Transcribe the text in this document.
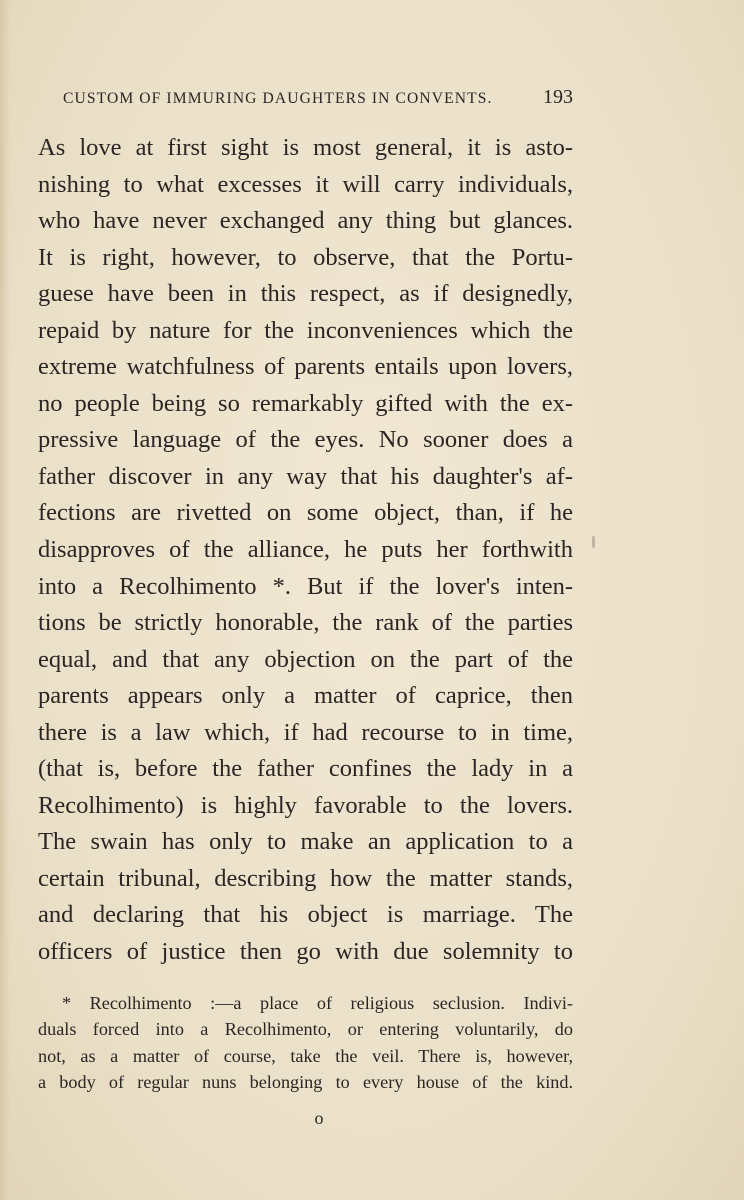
CUSTOM OF IMMURING DAUGHTERS IN CONVENTS.	193
As love at first sight is most general, it is asto-
nishing to what excesses it will carry individuals,
who have never exchanged any thing but glances.
It is right, however, to observe, that the Portu-
guese have been in this respect, as if designedly,
repaid by nature for the inconveniences which the
extreme watchfulness of parents entails upon lovers,
no people being so remarkably gifted with the ex-
pressive language of the eyes. No sooner does a
father discover in any way that his daughter's af-
fections are rivetted on some object, than, if he
disapproves of the alliance, he puts her forthwith
into a Recolhimento *. But if the lover's inten-
tions be strictly honorable, the rank of the parties
equal, and that any objection on the part of the
parents appears only a matter of caprice, then
there is a law which, if had recourse to in time,
(that is, before the father confines the lady in a
Recolhimento) is highly favorable to the lovers.
The swain has only to make an application to a
certain tribunal, describing how the matter stands,
and declaring that his object is marriage. The
officers of justice then go with due solemnity to
* Recolhimento :—a place of religious seclusion. Indivi-
duals forced into a Recolhimento, or entering voluntarily, do
not, as a matter of course, take the veil. There is, however,
a body of regular nuns belonging to every house of the kind.
o
